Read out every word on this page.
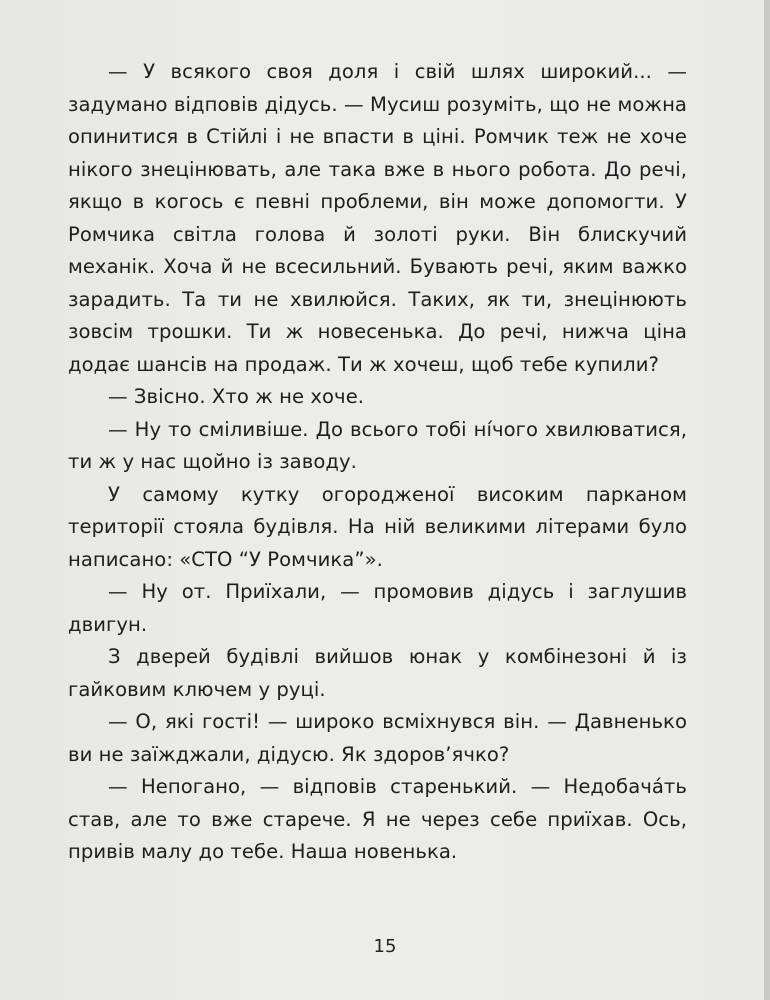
— У всякого своя доля і свій шлях широкий... — задумано відповів дідусь. — Мусиш розуміть, що не можна опинитися в Стійлі і не впасти в ціні. Ромчик теж не хоче нікого знецінювать, але така вже в нього робота. До речі, якщо в когось є певні проблеми, він може допомогти. У Ромчика світла голова й золоті руки. Він блискучий механік. Хоча й не всесильний. Бувають речі, яким важко зарадить. Та ти не хвилюйся. Таких, як ти, знецінюють зовсім трошки. Ти ж новесенька. До речі, нижча ціна додає шансів на продаж. Ти ж хочеш, щоб тебе купили?

— Звісно. Хто ж не хоче.

— Ну то сміливіше. До всього тобі ні́чого хвилюватися, ти ж у нас щойно із заводу.

У самому кутку огородженої високим парканом території стояла будівля. На ній великими літерами було написано: «СТО “У Ромчика”».

— Ну от. Приїхали, — промовив дідусь і заглушив двигун.

З дверей будівлі вийшов юнак у комбінезоні й із гайковим ключем у руці.

— О, які гості! — широко всміхнувся він. — Давненько ви не заїжджали, дідусю. Як здоров’ячко?

— Непогано, — відповів старенький. — Недобача́ть став, але то вже старече. Я не через себе приїхав. Ось, привів малу до тебе. Наша новенька.

15
